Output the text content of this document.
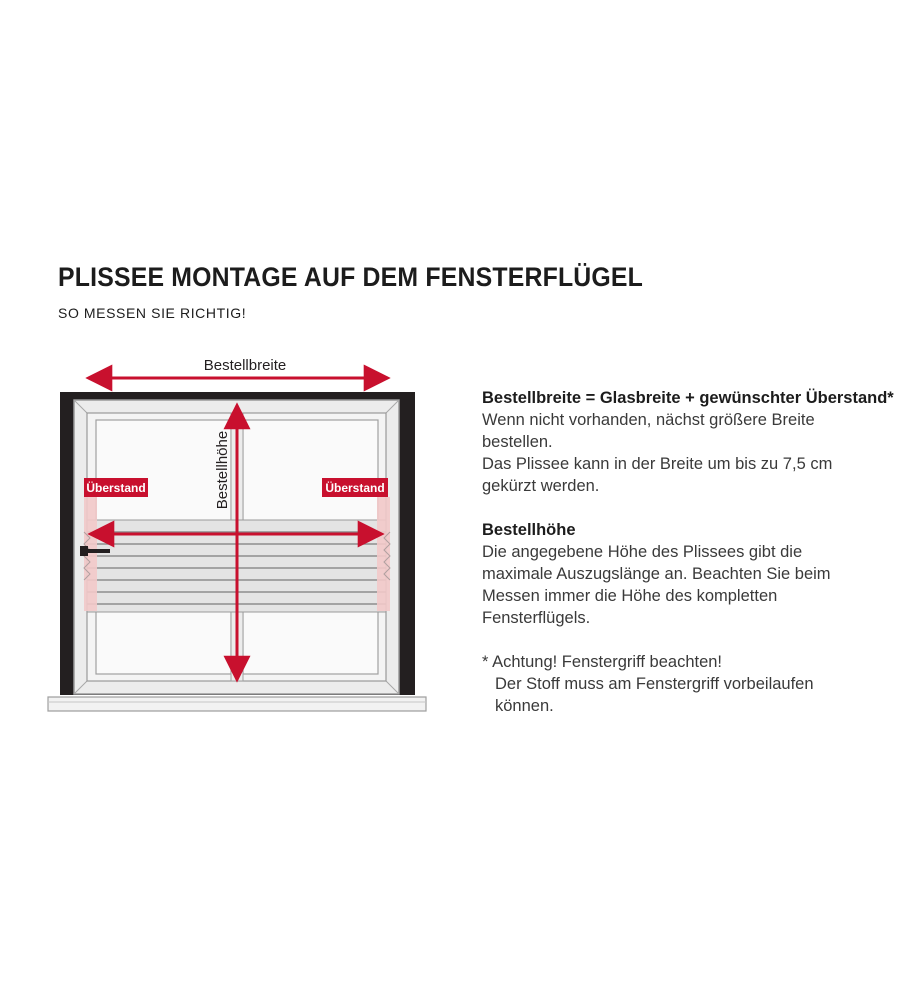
PLISSEE MONTAGE AUF DEM FENSTERFLÜGEL
SO MESSEN SIE RICHTIG!
Überstand	Überstand
Bestellbreite
Bestellhöhe

Bestellbreite = Glasbreite + gewünschter Überstand*

Wenn nicht vorhanden, nächst größere Breite

bestellen.

Das Plissee kann in der Breite um bis zu 7,5 cm

gekürzt werden.

Bestellhöhe

Die angegebene Höhe des Plissees gibt die

maximale Auszugslänge an. Beachten Sie beim

Messen immer die Höhe des kompletten

Fensterflügels.

* Achtung! Fenstergriff beachten!

Der Stoff muss am Fenstergriff vorbeilaufen

können.
